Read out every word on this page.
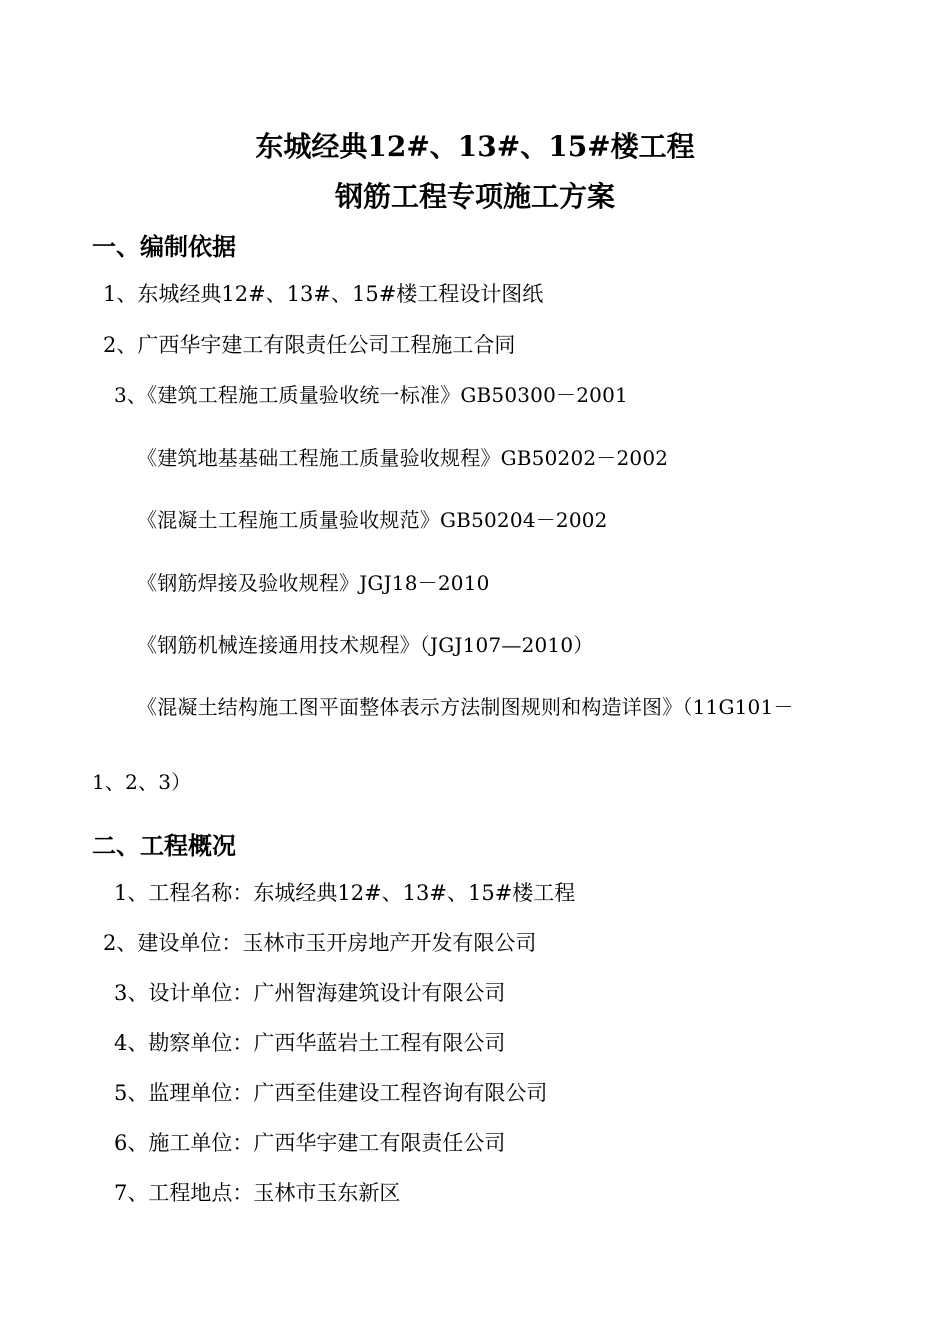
东城经典12#、13#、15#楼工程
钢筋工程专项施工方案
一、编制依据
1、东城经典12#、13#、15#楼工程设计图纸
2、广西华宇建工有限责任公司工程施工合同
3、《建筑工程施工质量验收统一标准》GB50300－2001
《建筑地基基础工程施工质量验收规程》GB50202－2002
《混凝土工程施工质量验收规范》GB50204－2002
《钢筋焊接及验收规程》JGJ18－2010
《钢筋机械连接通用技术规程》（JGJ107—2010）
《混凝土结构施工图平面整体表示方法制图规则和构造详图》（11G101－
1、2、3）
二、工程概况
1、工程名称：东城经典12#、13#、15#楼工程
2、建设单位：玉林市玉开房地产开发有限公司
3、设计单位：广州智海建筑设计有限公司
4、勘察单位：广西华蓝岩土工程有限公司
5、监理单位：广西至佳建设工程咨询有限公司
6、施工单位：广西华宇建工有限责任公司
7、工程地点：玉林市玉东新区
